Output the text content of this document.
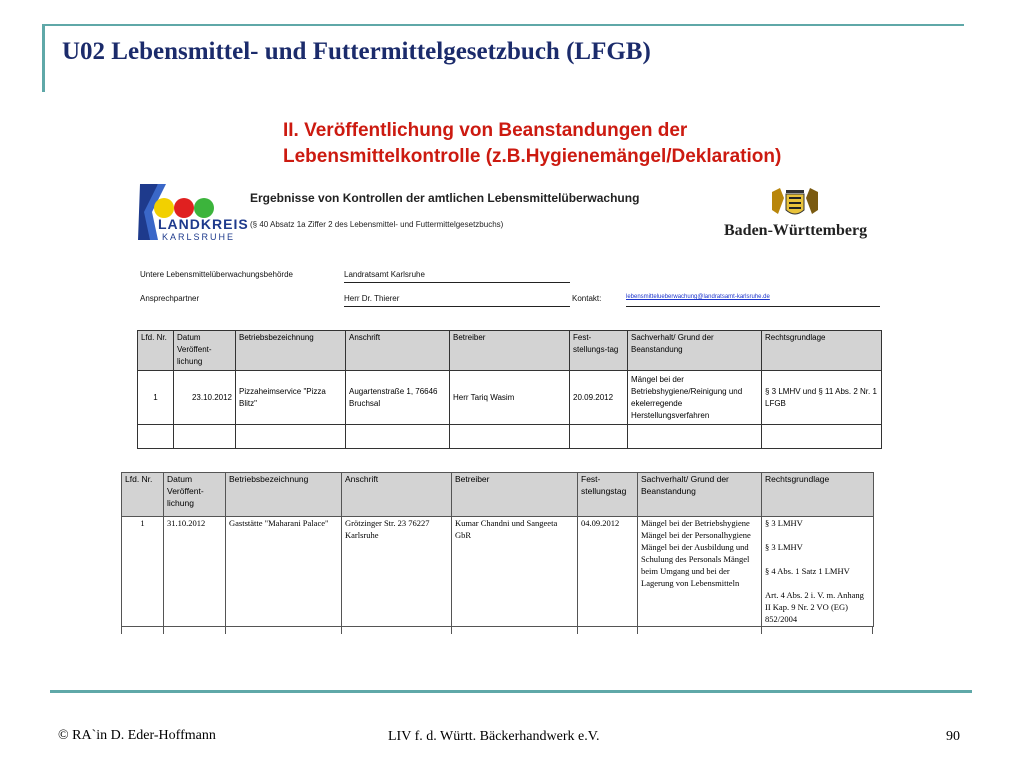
U02 Lebensmittel- und Futtermittelgesetzbuch (LFGB)
II. Veröffentlichung von Beanstandungen der
Lebensmittelkontrolle (z.B.Hygienemängel/Deklaration)
LANDKREIS
KARLSRUHE
Ergebnisse von Kontrollen der amtlichen Lebensmittelüberwachung
(§ 40 Absatz 1a Ziffer 2 des Lebensmittel- und Futtermittelgesetzbuchs)	Baden-Württemberg
Untere Lebensmittelüberwachungsbehörde	Landratsamt Karlsruhe
Ansprechpartner	Herr Dr. Thierer	Kontakt:	lebensmittelueberwachung@landratsamt-karlsruhe.de
Lfd. Nr.	Datum Veröffent-lichung	Betriebsbezeichnung	Anschrift	Betreiber	Fest-stellungs-tag	Sachverhalt/ Grund der Beanstandung	Rechtsgrundlage
1	23.10.2012	Pizzaheimservice "Pizza Blitz"	Augartenstraße 1, 76646 Bruchsal	Herr Tariq Wasim	20.09.2012	Mängel bei der Betriebshygiene/Reinigung und ekelerregende Herstellungsverfahren	§ 3 LMHV und § 11 Abs. 2 Nr. 1 LFGB

Lfd. Nr.	Datum Veröffent-lichung	Betriebsbezeichnung	Anschrift	Betreiber	Fest-stellungstag	Sachverhalt/ Grund der Beanstandung	Rechtsgrundlage
1	31.10.2012	Gaststätte "Maharani Palace"	Grötzinger Str. 23 76227 Karlsruhe	Kumar Chandni und Sangeeta GbR	04.09.2012	Mängel bei der Betriebshygiene Mängel bei der Personalhygiene Mängel bei der Ausbildung und Schulung des Personals Mängel beim Umgang und bei der Lagerung von Lebensmitteln	§ 3 LMHV
§ 3 LMHV
§ 4 Abs. 1 Satz 1 LMHV
Art. 4 Abs. 2 i. V. m. Anhang II Kap. 9 Nr. 2 VO (EG) 852/2004
© RA`in D. Eder-Hoffmann	LIV f. d. Württ. Bäckerhandwerk e.V.	90
